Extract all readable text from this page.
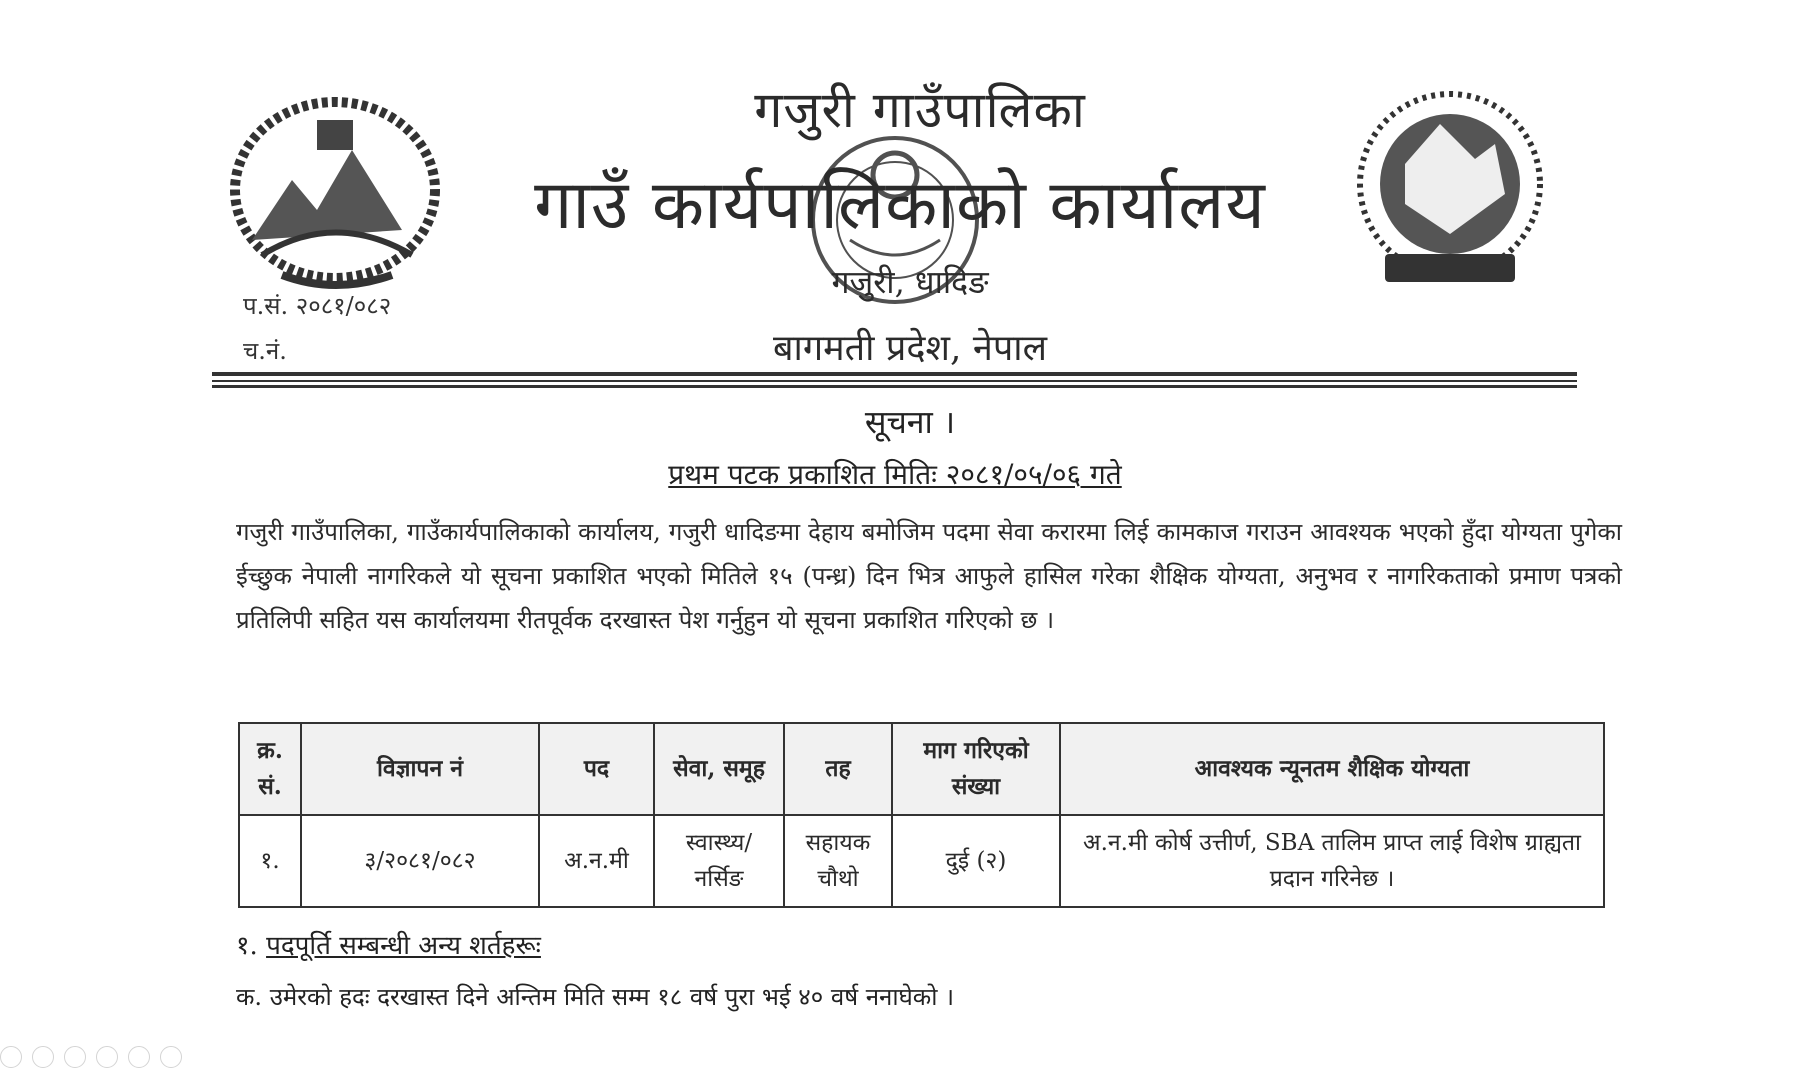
गजुरी गाउँपालिका
गाउँ कार्यपालिकाको कार्यालय
गजुरी, धादिङ
बागमती प्रदेश, नेपाल
प.सं. २०८१/०८२
च.नं.
सूचना ।
प्रथम पटक प्रकाशित मितिः २०८१/०५/०६ गते
गजुरी गाउँपालिका, गाउँकार्यपालिकाको कार्यालय, गजुरी धादिङमा देहाय बमोजिम पदमा सेवा करारमा लिई कामकाज गराउन आवश्यक भएको हुँदा योग्यता पुगेका ईच्छुक नेपाली नागरिकले यो सूचना प्रकाशित भएको मितिले १५ (पन्ध्र) दिन भित्र आफुले हासिल गरेका शैक्षिक योग्यता, अनुभव र नागरिकताको प्रमाण पत्रको प्रतिलिपी सहित यस कार्यालयमा रीतपूर्वक दरखास्त पेश गर्नुहुन यो सूचना प्रकाशित गरिएको छ ।
क्र. सं.	विज्ञापन नं	पद	सेवा, समूह	तह	माग गरिएको संख्या	आवश्यक न्यूनतम शैक्षिक योग्यता
१.	३/२०८१/०८२	अ.न.मी	स्वास्थ्य/ नर्सिङ	सहायक चौथो	दुई (२)	अ.न.मी कोर्ष उत्तीर्ण, SBA तालिम प्राप्त लाई विशेष ग्राह्यता प्रदान गरिनेछ ।
१. पदपूर्ति सम्बन्धी अन्य शर्तहरूः
क. उमेरको हदः दरखास्त दिने अन्तिम मिति सम्म १८ वर्ष पुरा भई ४० वर्ष ननाघेको ।
